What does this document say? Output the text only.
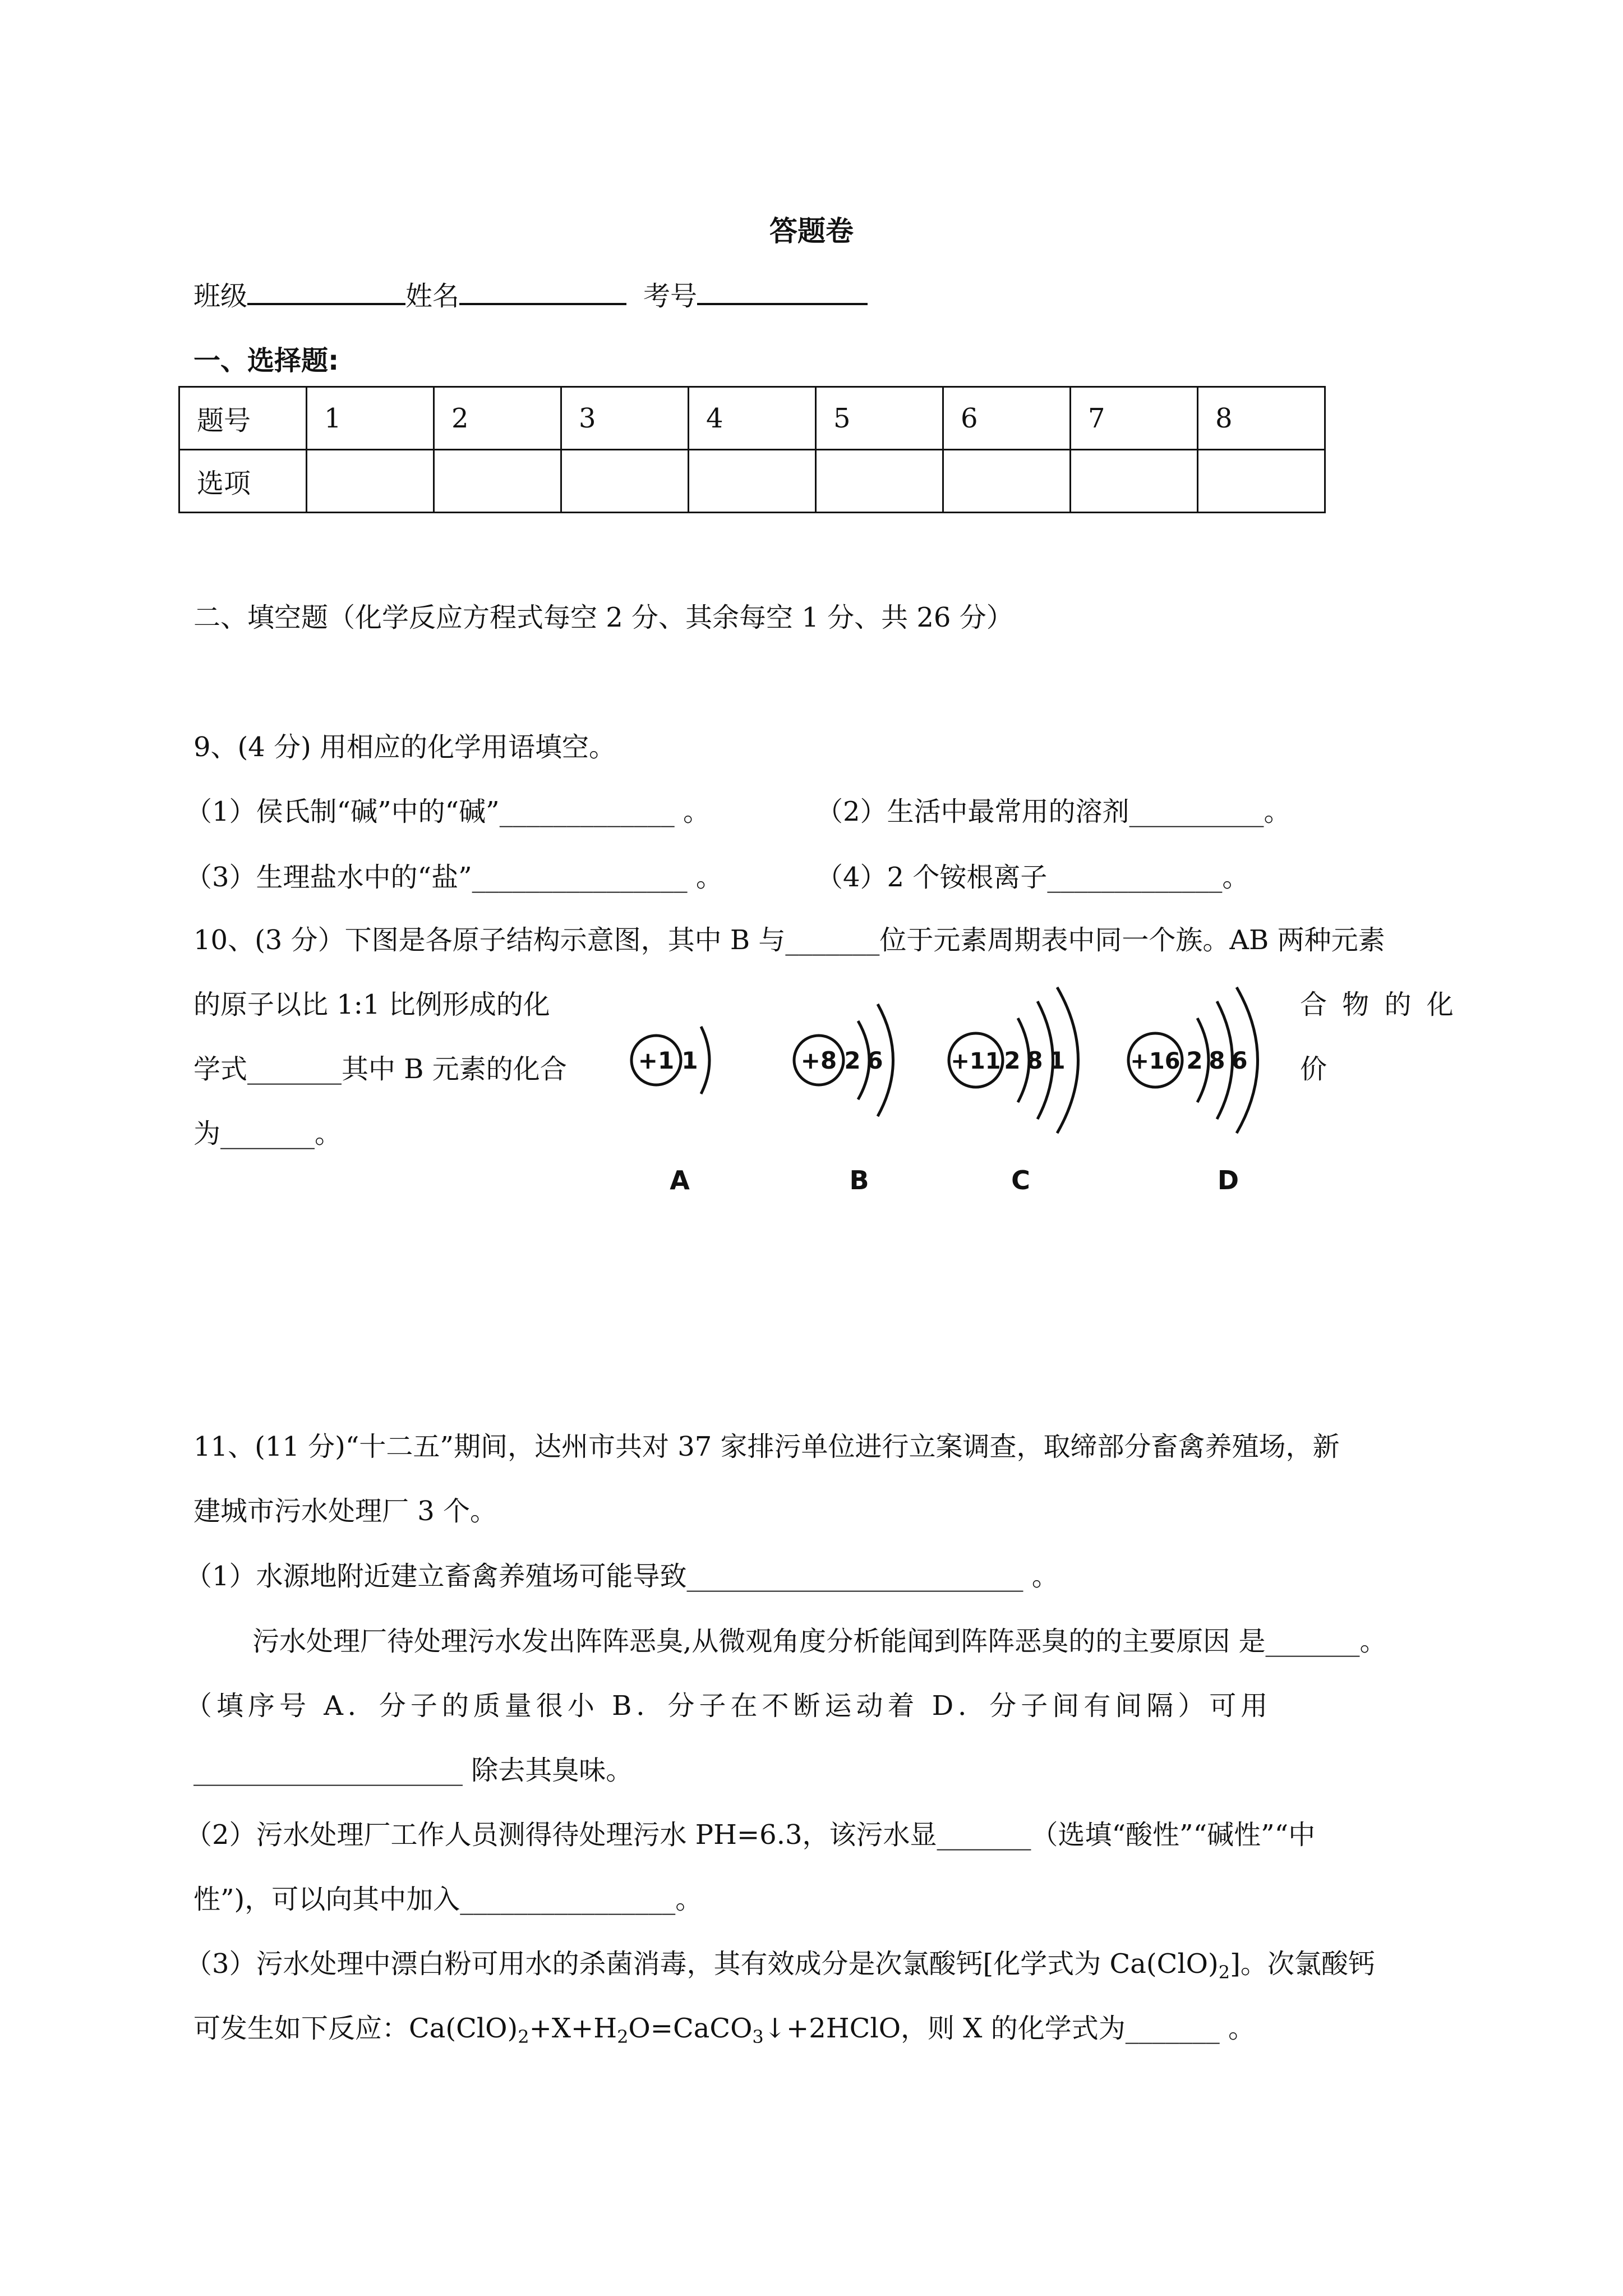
答题卷
班级	姓名	考号
一、选择题:
题号	1	2	3	4	5	6	7	8
选项								
二、填空题（化学反应方程式每空 2 分、其余每空 1 分、共 26 分）
9、(4 分) 用相应的化学用语填空。
（1）侯氏制“碱”中的“碱”_____________ 。	（2）生活中最常用的溶剂__________。
（3）生理盐水中的“盐”________________ 。	（4）2 个铵根离子_____________。
10、(3 分）下图是各原子结构示意图，其中 B 与_______位于元素周期表中同一个族。AB 两种元素
的原子以比 1:1 比例形成的化	合 物 的 化
学式_______其中 B 元素的化合	价
为_______。
+1 1	+8 2 6	+11 2 8 1	+16 2 8 6
A	B	C	D
11、(11 分)“十二五”期间，达州市共对 37 家排污单位进行立案调查，取缔部分畜禽养殖场，新
建城市污水处理厂 3 个。
（1）水源地附近建立畜禽养殖场可能导致_________________________ 。
污水处理厂待处理污水发出阵阵恶臭,从微观角度分析能闻到阵阵恶臭的的主要原因 是_______。
（填序号 A．分子的质量很小 B．分子在不断运动着 D．分子间有间隔）可用
____________________ 除去其臭味。
（2）污水处理厂工作人员测得待处理污水 PH=6.3，该污水显_______（选填“酸性”“碱性”“中
性”)，可以向其中加入________________。
（3）污水处理中漂白粉可用水的杀菌消毒，其有效成分是次氯酸钙[化学式为 $Ca(ClO)_2$]。次氯酸钙
可发生如下反应：$Ca(ClO)_2+X+H_2O=CaCO_3↓+2HClO$，则 X 的化学式为_______ 。
